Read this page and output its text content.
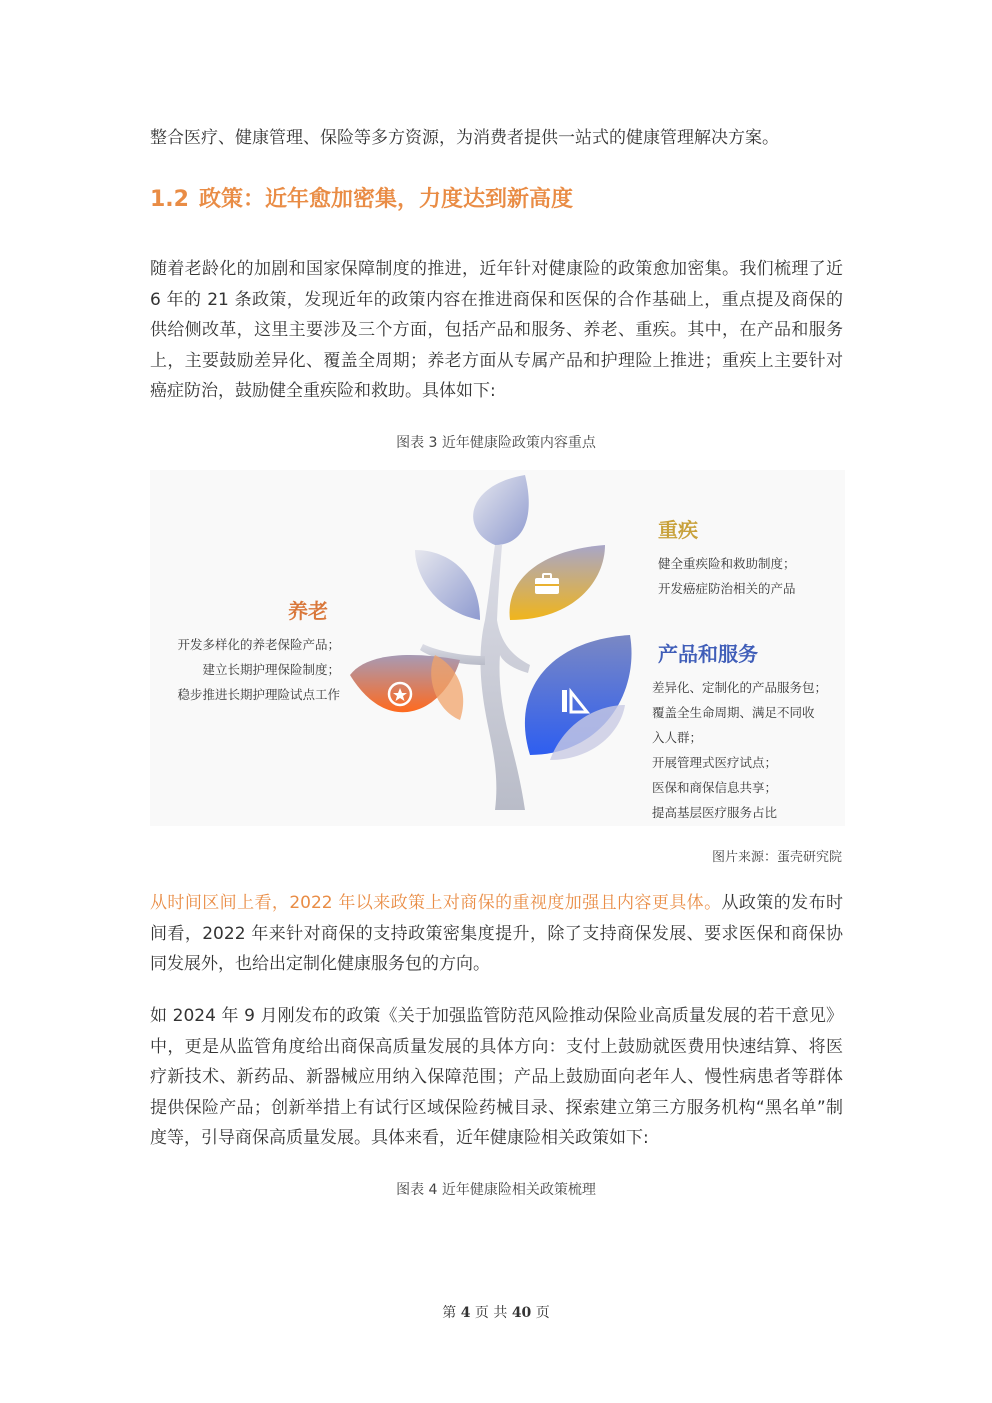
整合医疗、健康管理、保险等多方资源，为消费者提供一站式的健康管理解决方案。

1.2 政策：近年愈加密集，力度达到新高度

随着老龄化的加剧和国家保障制度的推进，近年针对健康险的政策愈加密集。我们梳理了近 6 年的 21 条政策，发现近年的政策内容在推进商保和医保的合作基础上，重点提及商保的供给侧改革，这里主要涉及三个方面，包括产品和服务、养老、重疾。其中，在产品和服务上，主要鼓励差异化、覆盖全周期；养老方面从专属产品和护理险上推进；重疾上主要针对癌症防治，鼓励健全重疾险和救助。具体如下:

图表 3 近年健康险政策内容重点

重疾
健全重疾险和救助制度；
开发癌症防治相关的产品
养老
开发多样化的养老保险产品；
建立长期护理保险制度；
稳步推进长期护理险试点工作
产品和服务
差异化、定制化的产品服务包；
覆盖全生命周期、满足不同收
入人群；
开展管理式医疗试点；
医保和商保信息共享；
提高基层医疗服务占比

图片来源：蛋壳研究院

从时间区间上看，2022 年以来政策上对商保的重视度加强且内容更具体。从政策的发布时间看，2022 年来针对商保的支持政策密集度提升，除了支持商保发展、要求医保和商保协同发展外，也给出定制化健康服务包的方向。

如 2024 年 9 月刚发布的政策《关于加强监管防范风险推动保险业高质量发展的若干意见》中，更是从监管角度给出商保高质量发展的具体方向：支付上鼓励就医费用快速结算、将医疗新技术、新药品、新器械应用纳入保障范围；产品上鼓励面向老年人、慢性病患者等群体提供保险产品；创新举措上有试行区域保险药械目录、探索建立第三方服务机构“黑名单”制度等，引导商保高质量发展。具体来看，近年健康险相关政策如下:

图表 4 近年健康险相关政策梳理

第 4 页 共 40 页
